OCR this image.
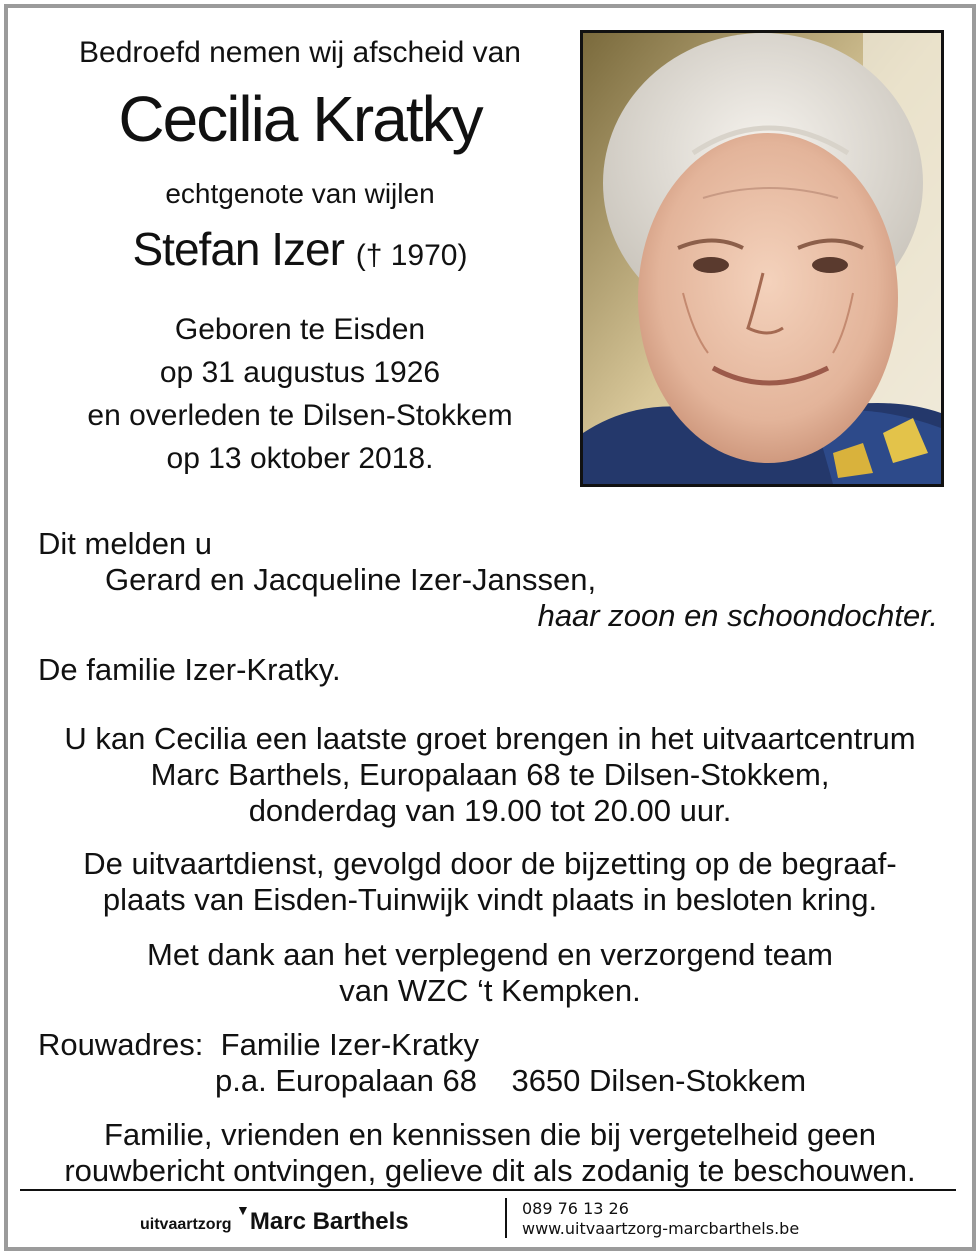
Bedroefd nemen wij afscheid van
Cecilia Kratky
echtgenote van wijlen
Stefan Izer († 1970)
Geboren te Eisden
op 31 augustus 1926
en overleden te Dilsen-Stokkem
op 13 oktober 2018.
Dit melden u
Gerard en Jacqueline Izer-Janssen,
haar zoon en schoondochter.
De familie Izer-Kratky.
U kan Cecilia een laatste groet brengen in het uitvaartcentrum
Marc Barthels, Europalaan 68 te Dilsen-Stokkem,
donderdag van 19.00 tot 20.00 uur.
De uitvaartdienst, gevolgd door de bijzetting op de begraaf-
plaats van Eisden-Tuinwijk vindt plaats in besloten kring.
Met dank aan het verplegend en verzorgend team
van WZC ‘t Kempken.
Rouwadres: Familie Izer-Kratky
p.a. Europalaan 68 3650 Dilsen-Stokkem
Familie, vrienden en kennissen die bij vergetelheid geen
rouwbericht ontvingen, gelieve dit als zodanig te beschouwen.
uitvaartzorg ▼Marc Barthels	089 76 13 26
www.uitvaartzorg-marcbarthels.be
